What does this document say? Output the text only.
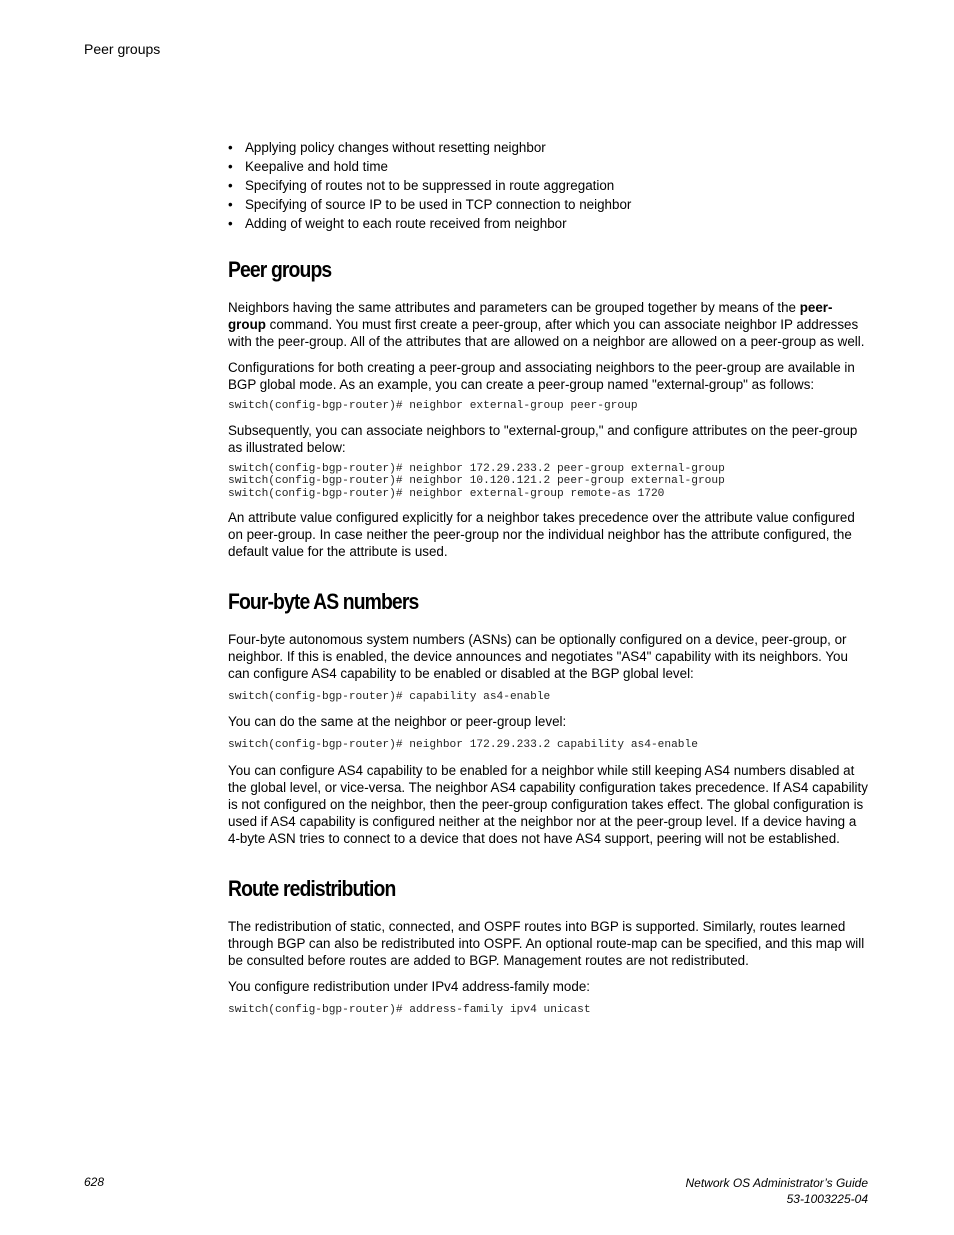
Peer groups
• Applying policy changes without resetting neighbor
• Keepalive and hold time
• Specifying of routes not to be suppressed in route aggregation
• Specifying of source IP to be used in TCP connection to neighbor
• Adding of weight to each route received from neighbor
Peer groups

Neighbors having the same attributes and parameters can be grouped together by means of the peer-group command. You must first create a peer-group, after which you can associate neighbor IP addresses with the peer-group. All of the attributes that are allowed on a neighbor are allowed on a peer-group as well.

Configurations for both creating a peer-group and associating neighbors to the peer-group are available in BGP global mode. As an example, you can create a peer-group named "external-group" as follows:

switch(config-bgp-router)# neighbor external-group peer-group

Subsequently, you can associate neighbors to "external-group," and configure attributes on the peer-group as illustrated below:

switch(config-bgp-router)# neighbor 172.29.233.2 peer-group external-group
switch(config-bgp-router)# neighbor 10.120.121.2 peer-group external-group
switch(config-bgp-router)# neighbor external-group remote-as 1720

An attribute value configured explicitly for a neighbor takes precedence over the attribute value configured on peer-group. In case neither the peer-group nor the individual neighbor has the attribute configured, the default value for the attribute is used.

Four-byte AS numbers

Four-byte autonomous system numbers (ASNs) can be optionally configured on a device, peer-group, or neighbor. If this is enabled, the device announces and negotiates "AS4" capability with its neighbors. You can configure AS4 capability to be enabled or disabled at the BGP global level:

switch(config-bgp-router)# capability as4-enable

You can do the same at the neighbor or peer-group level:

switch(config-bgp-router)# neighbor 172.29.233.2 capability as4-enable

You can configure AS4 capability to be enabled for a neighbor while still keeping AS4 numbers disabled at the global level, or vice-versa. The neighbor AS4 capability configuration takes precedence. If AS4 capability is not configured on the neighbor, then the peer-group configuration takes effect. The global configuration is used if AS4 capability is configured neither at the neighbor nor at the peer-group level. If a device having a 4-byte ASN tries to connect to a device that does not have AS4 support, peering will not be established.

Route redistribution

The redistribution of static, connected, and OSPF routes into BGP is supported. Similarly, routes learned through BGP can also be redistributed into OSPF. An optional route-map can be specified, and this map will be consulted before routes are added to BGP. Management routes are not redistributed.

You configure redistribution under IPv4 address-family mode:

switch(config-bgp-router)# address-family ipv4 unicast
628	Network OS Administrator’s Guide
53-1003225-04
